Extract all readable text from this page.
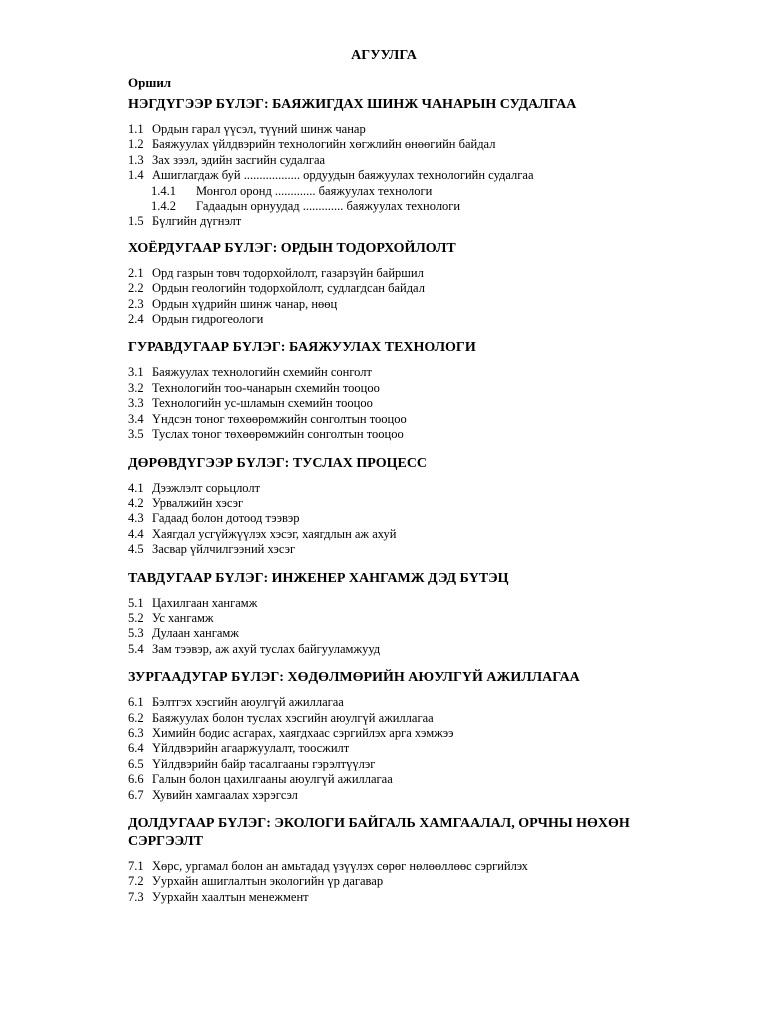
АГУУЛГА
Оршил
НЭГДҮГЭЭР БҮЛЭГ: БАЯЖИГДАХ ШИНЖ ЧАНАРЫН СУДАЛГАА
1.1 Ордын гарал үүсэл, түүний шинж чанар
1.2 Баяжуулах үйлдвэрийн технологийн хөгжлийн өнөөгийн байдал
1.3 Зах зээл, эдийн засгийн судалгаа
1.4 Ашиглагдаж буй .................. ордуудын баяжуулах технологийн судалгаа
1.4.1 Монгол оронд ............. баяжуулах технологи
1.4.2 Гадаадын орнуудад ............. баяжуулах технологи
1.5 Бүлгийн дүгнэлт
ХОЁРДУГААР БҮЛЭГ: ОРДЫН ТОДОРХОЙЛОЛТ
2.1 Орд газрын товч тодорхойлолт, газарзүйн байршил
2.2 Ордын геологийн тодорхойлолт, судлагдсан байдал
2.3 Ордын хүдрийн шинж чанар, нөөц
2.4 Ордын гидрогеологи
ГУРАВДУГААР БҮЛЭГ: БАЯЖУУЛАХ ТЕХНОЛОГИ
3.1 Баяжуулах технологийн схемийн сонголт
3.2 Технологийн тоо-чанарын схемийн тооцоо
3.3 Технологийн ус-шламын схемийн тооцоо
3.4 Үндсэн тоног төхөөрөмжийн сонголтын тооцоо
3.5 Туслах тоног төхөөрөмжийн сонголтын тооцоо
ДӨРӨВДҮГЭЭР БҮЛЭГ: ТУСЛАХ ПРОЦЕСС
4.1 Дээжлэлт сорьцлолт
4.2 Урвалжийн хэсэг
4.3 Гадаад болон дотоод тээвэр
4.4 Хаягдал усгүйжүүлэх хэсэг, хаягдлын аж ахуй
4.5 Засвар үйлчилгээний хэсэг
ТАВДУГААР БҮЛЭГ: ИНЖЕНЕР ХАНГАМЖ ДЭД БҮТЭЦ
5.1 Цахилгаан хангамж
5.2 Ус хангамж
5.3 Дулаан хангамж
5.4 Зам тээвэр, аж ахуй туслах байгууламжууд
ЗУРГААДУГАР БҮЛЭГ: ХӨДӨЛМӨРИЙН АЮУЛГҮЙ АЖИЛЛАГАА
6.1 Бэлтгэх хэсгийн аюулгүй ажиллагаа
6.2 Баяжуулах болон туслах хэсгийн аюулгүй ажиллагаа
6.3 Химийн бодис асгарах, хаягдхаас сэргийлэх арга хэмжээ
6.4 Үйлдвэрийн агааржуулалт, тоосжилт
6.5 Үйлдвэрийн байр тасалгааны гэрэлтүүлэг
6.6 Галын болон цахилгааны аюулгүй ажиллагаа
6.7 Хувийн хамгаалах хэрэгсэл
ДОЛДУГААР БҮЛЭГ: ЭКОЛОГИ БАЙГАЛЬ ХАМГААЛАЛ, ОРЧНЫ НӨХӨН СЭРГЭЭЛТ
7.1 Хөрс, ургамал болон ан амьтадад үзүүлэх сөрөг нөлөөллөөс сэргийлэх
7.2 Уурхайн ашиглалтын экологийн үр дагавар
7.3 Уурхайн хаалтын менежмент
